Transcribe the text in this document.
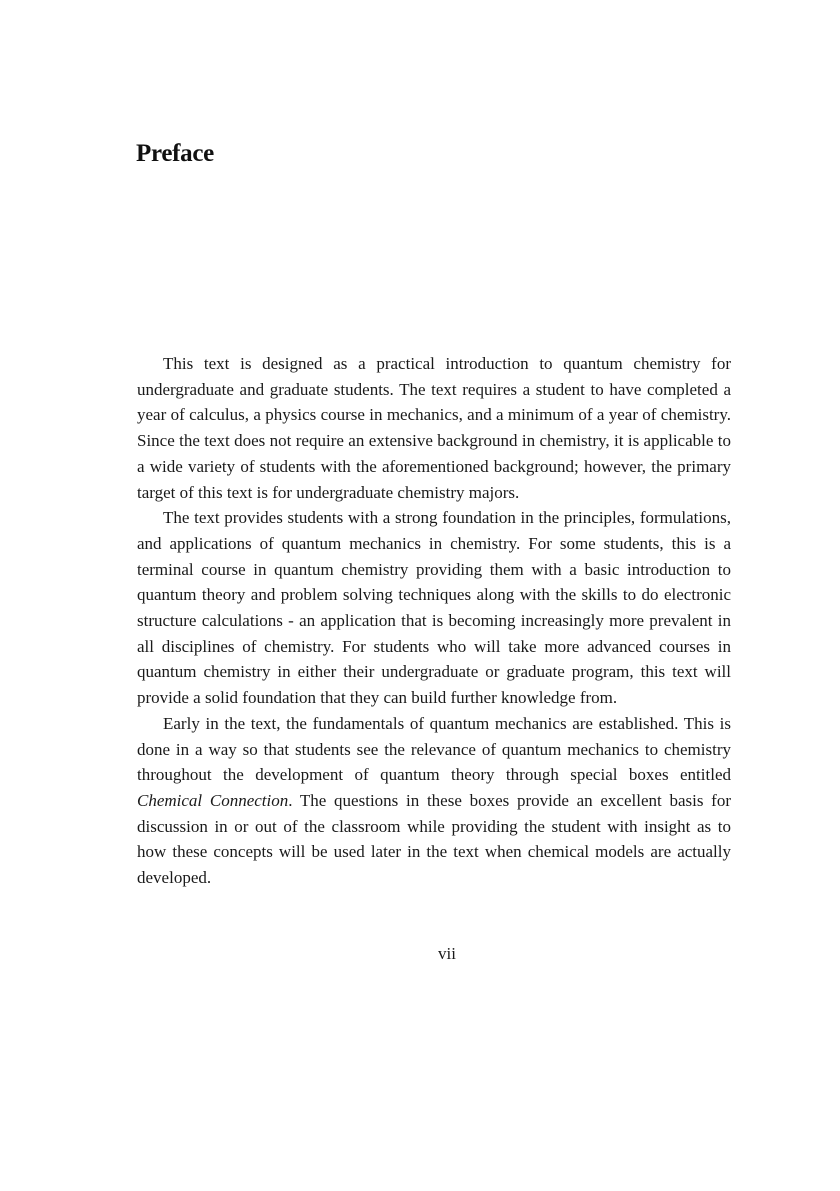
Preface

This text is designed as a practical introduction to quantum chemistry for undergraduate and graduate students. The text requires a student to have completed a year of calculus, a physics course in mechanics, and a minimum of a year of chemistry. Since the text does not require an extensive background in chemistry, it is applicable to a wide variety of students with the aforementioned background; however, the primary target of this text is for undergraduate chemistry majors.

The text provides students with a strong foundation in the principles, formulations, and applications of quantum mechanics in chemistry. For some students, this is a terminal course in quantum chemistry providing them with a basic introduction to quantum theory and problem solving techniques along with the skills to do electronic structure calculations - an application that is becoming increasingly more prevalent in all disciplines of chemistry. For students who will take more advanced courses in quantum chemistry in either their undergraduate or graduate program, this text will provide a solid foundation that they can build further knowledge from.

Early in the text, the fundamentals of quantum mechanics are established. This is done in a way so that students see the relevance of quantum mechanics to chemistry throughout the development of quantum theory through special boxes entitled Chemical Connection. The questions in these boxes provide an excellent basis for discussion in or out of the classroom while providing the student with insight as to how these concepts will be used later in the text when chemical models are actually developed.

vii
